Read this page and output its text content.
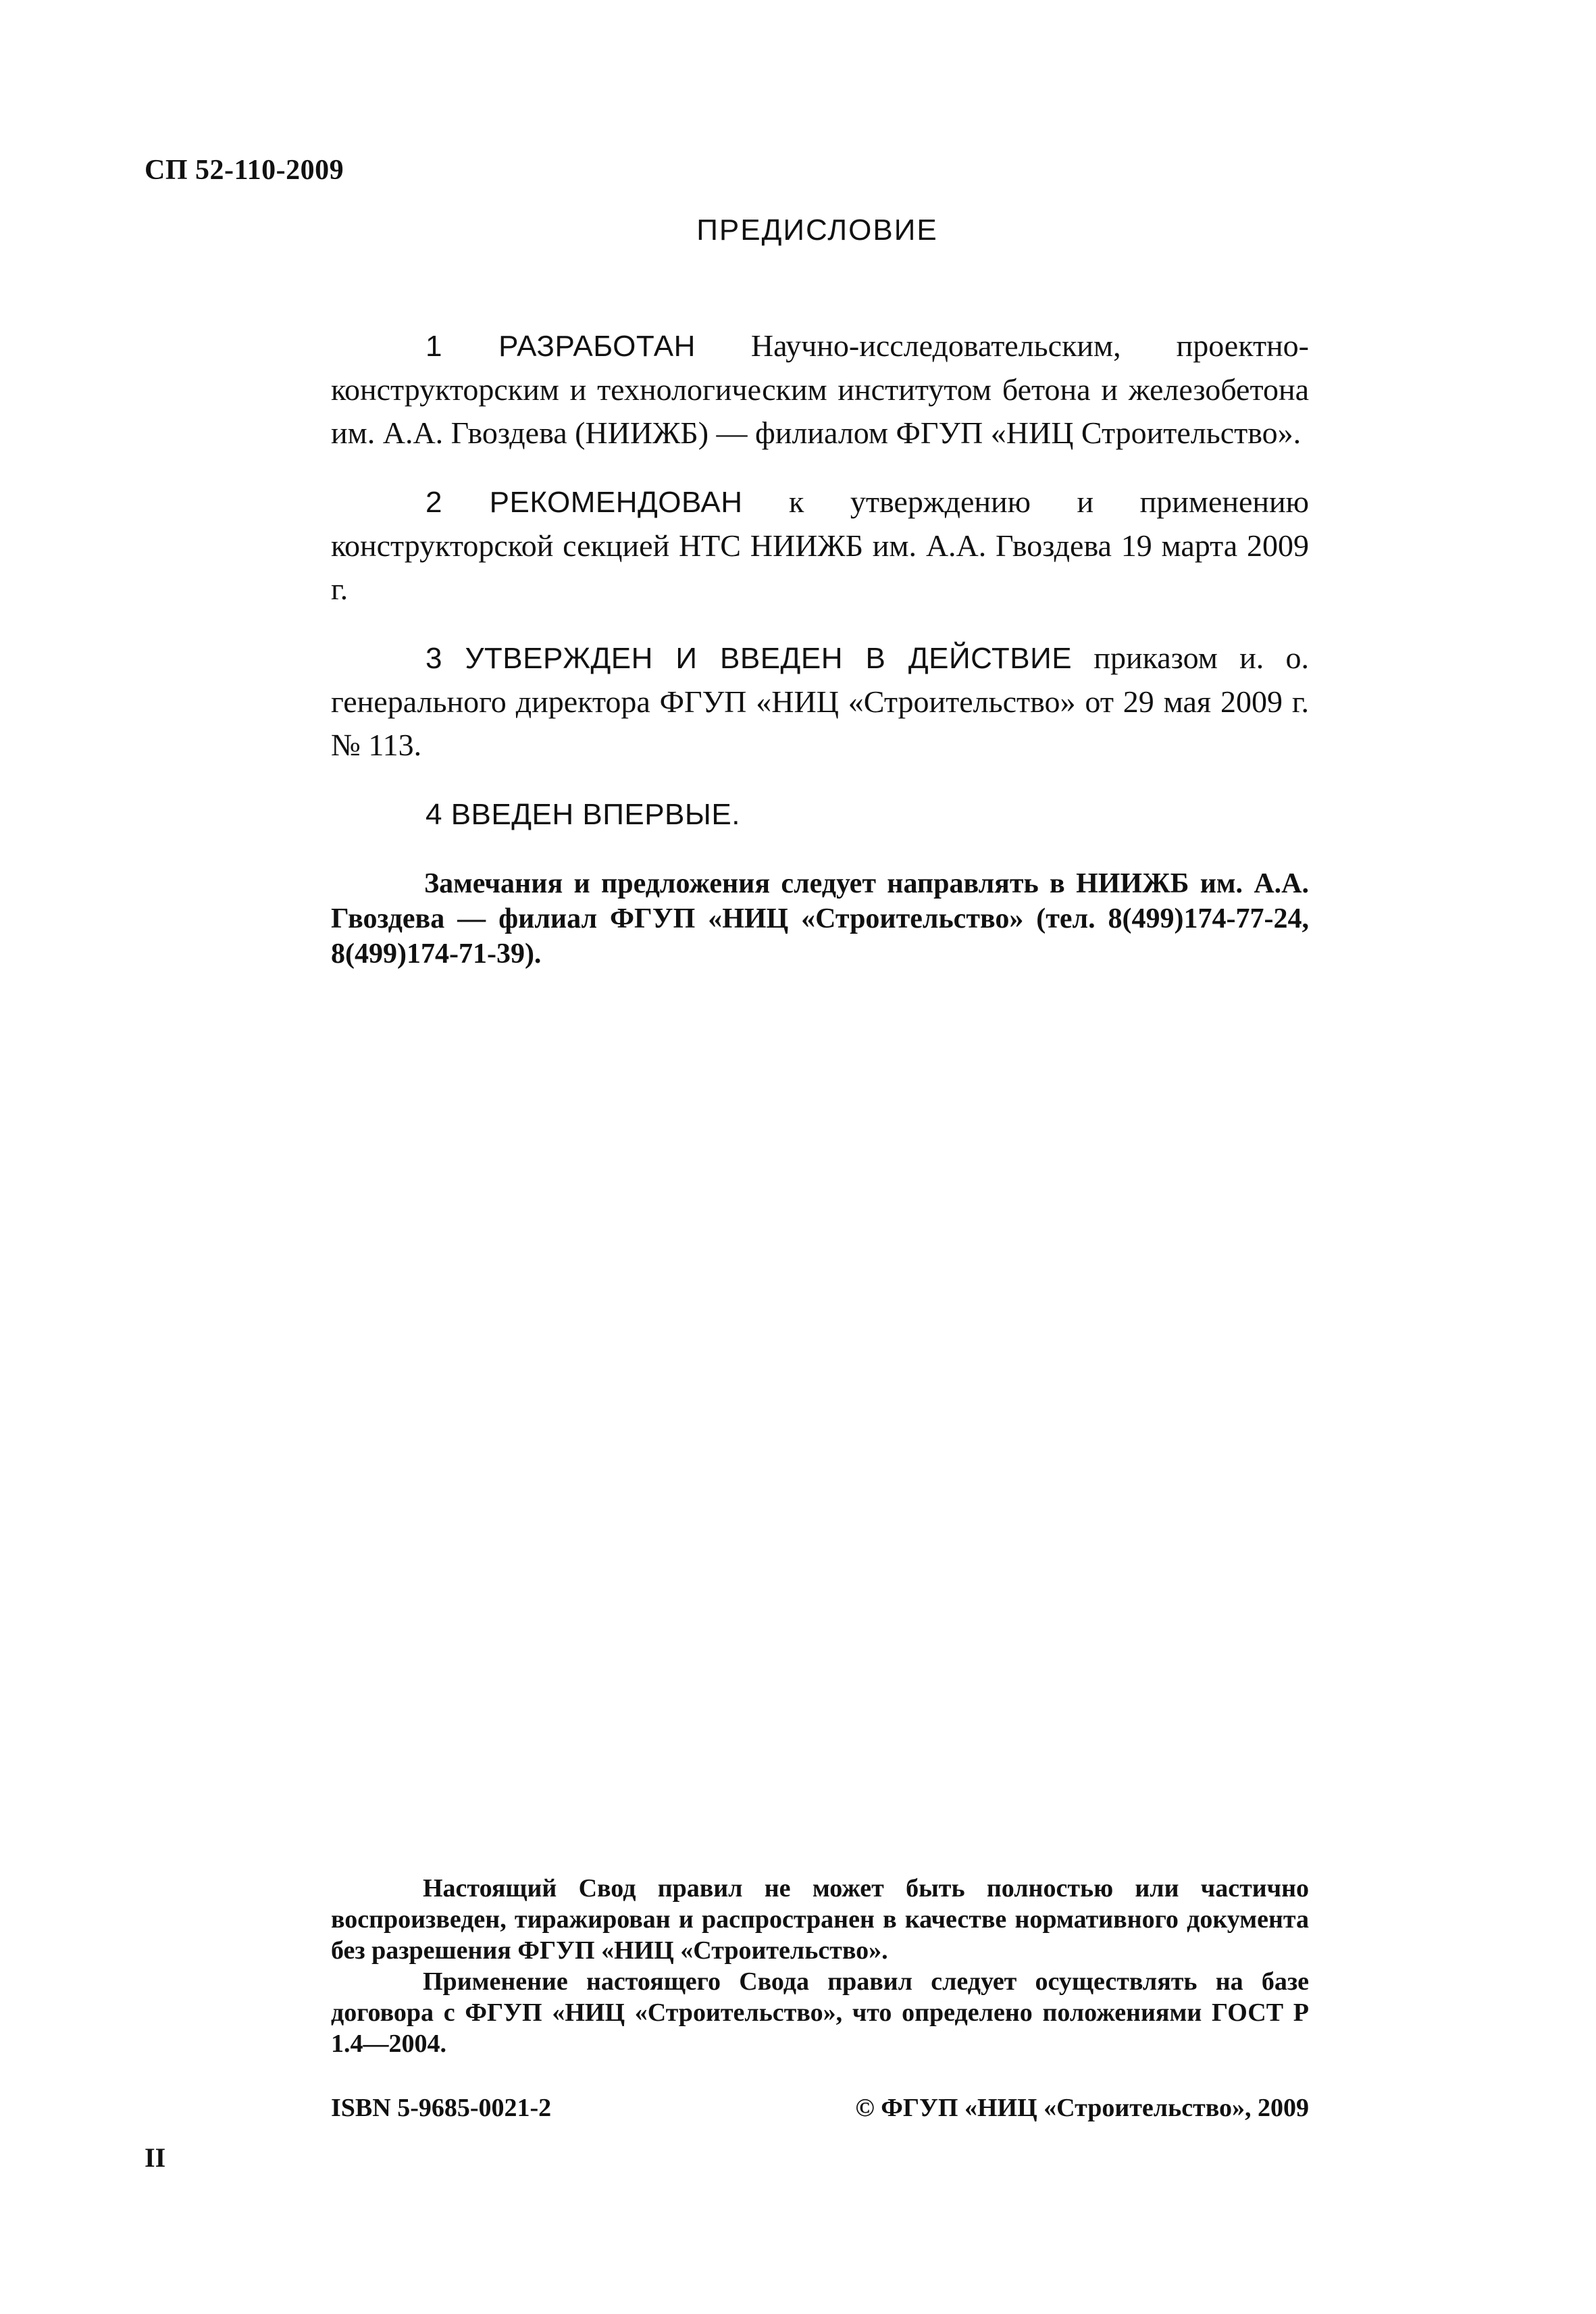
СП 52-110-2009
ПРЕДИСЛОВИЕ

1 РАЗРАБОТАН Научно-исследовательским, проектно-конструкторским и технологическим институтом бетона и железобетона им. А.А. Гвоздева (НИИЖБ) — филиалом ФГУП «НИЦ Строительство».

2 РЕКОМЕНДОВАН к утверждению и применению конструкторской секцией НТС НИИЖБ им. А.А. Гвоздева 19 марта 2009 г.

3 УТВЕРЖДЕН И ВВЕДЕН В ДЕЙСТВИЕ приказом и. о. генерального директора ФГУП «НИЦ «Строительство» от 29 мая 2009 г. № 113.

4 ВВЕДЕН ВПЕРВЫЕ.

Замечания и предложения следует направлять в НИИЖБ им. А.А. Гвоздева — филиал ФГУП «НИЦ «Строительство» (тел. 8(499)174-77-24, 8(499)174-71-39).

Настоящий Свод правил не может быть полностью или частично воспроизведен, тиражирован и распространен в качестве нормативного документа без разрешения ФГУП «НИЦ «Строительство».

Применение настоящего Свода правил следует осуществлять на базе договора с ФГУП «НИЦ «Строительство», что определено положениями ГОСТ Р 1.4—2004.

ISBN 5-9685-0021-2	© ФГУП «НИЦ «Строительство», 2009
II
